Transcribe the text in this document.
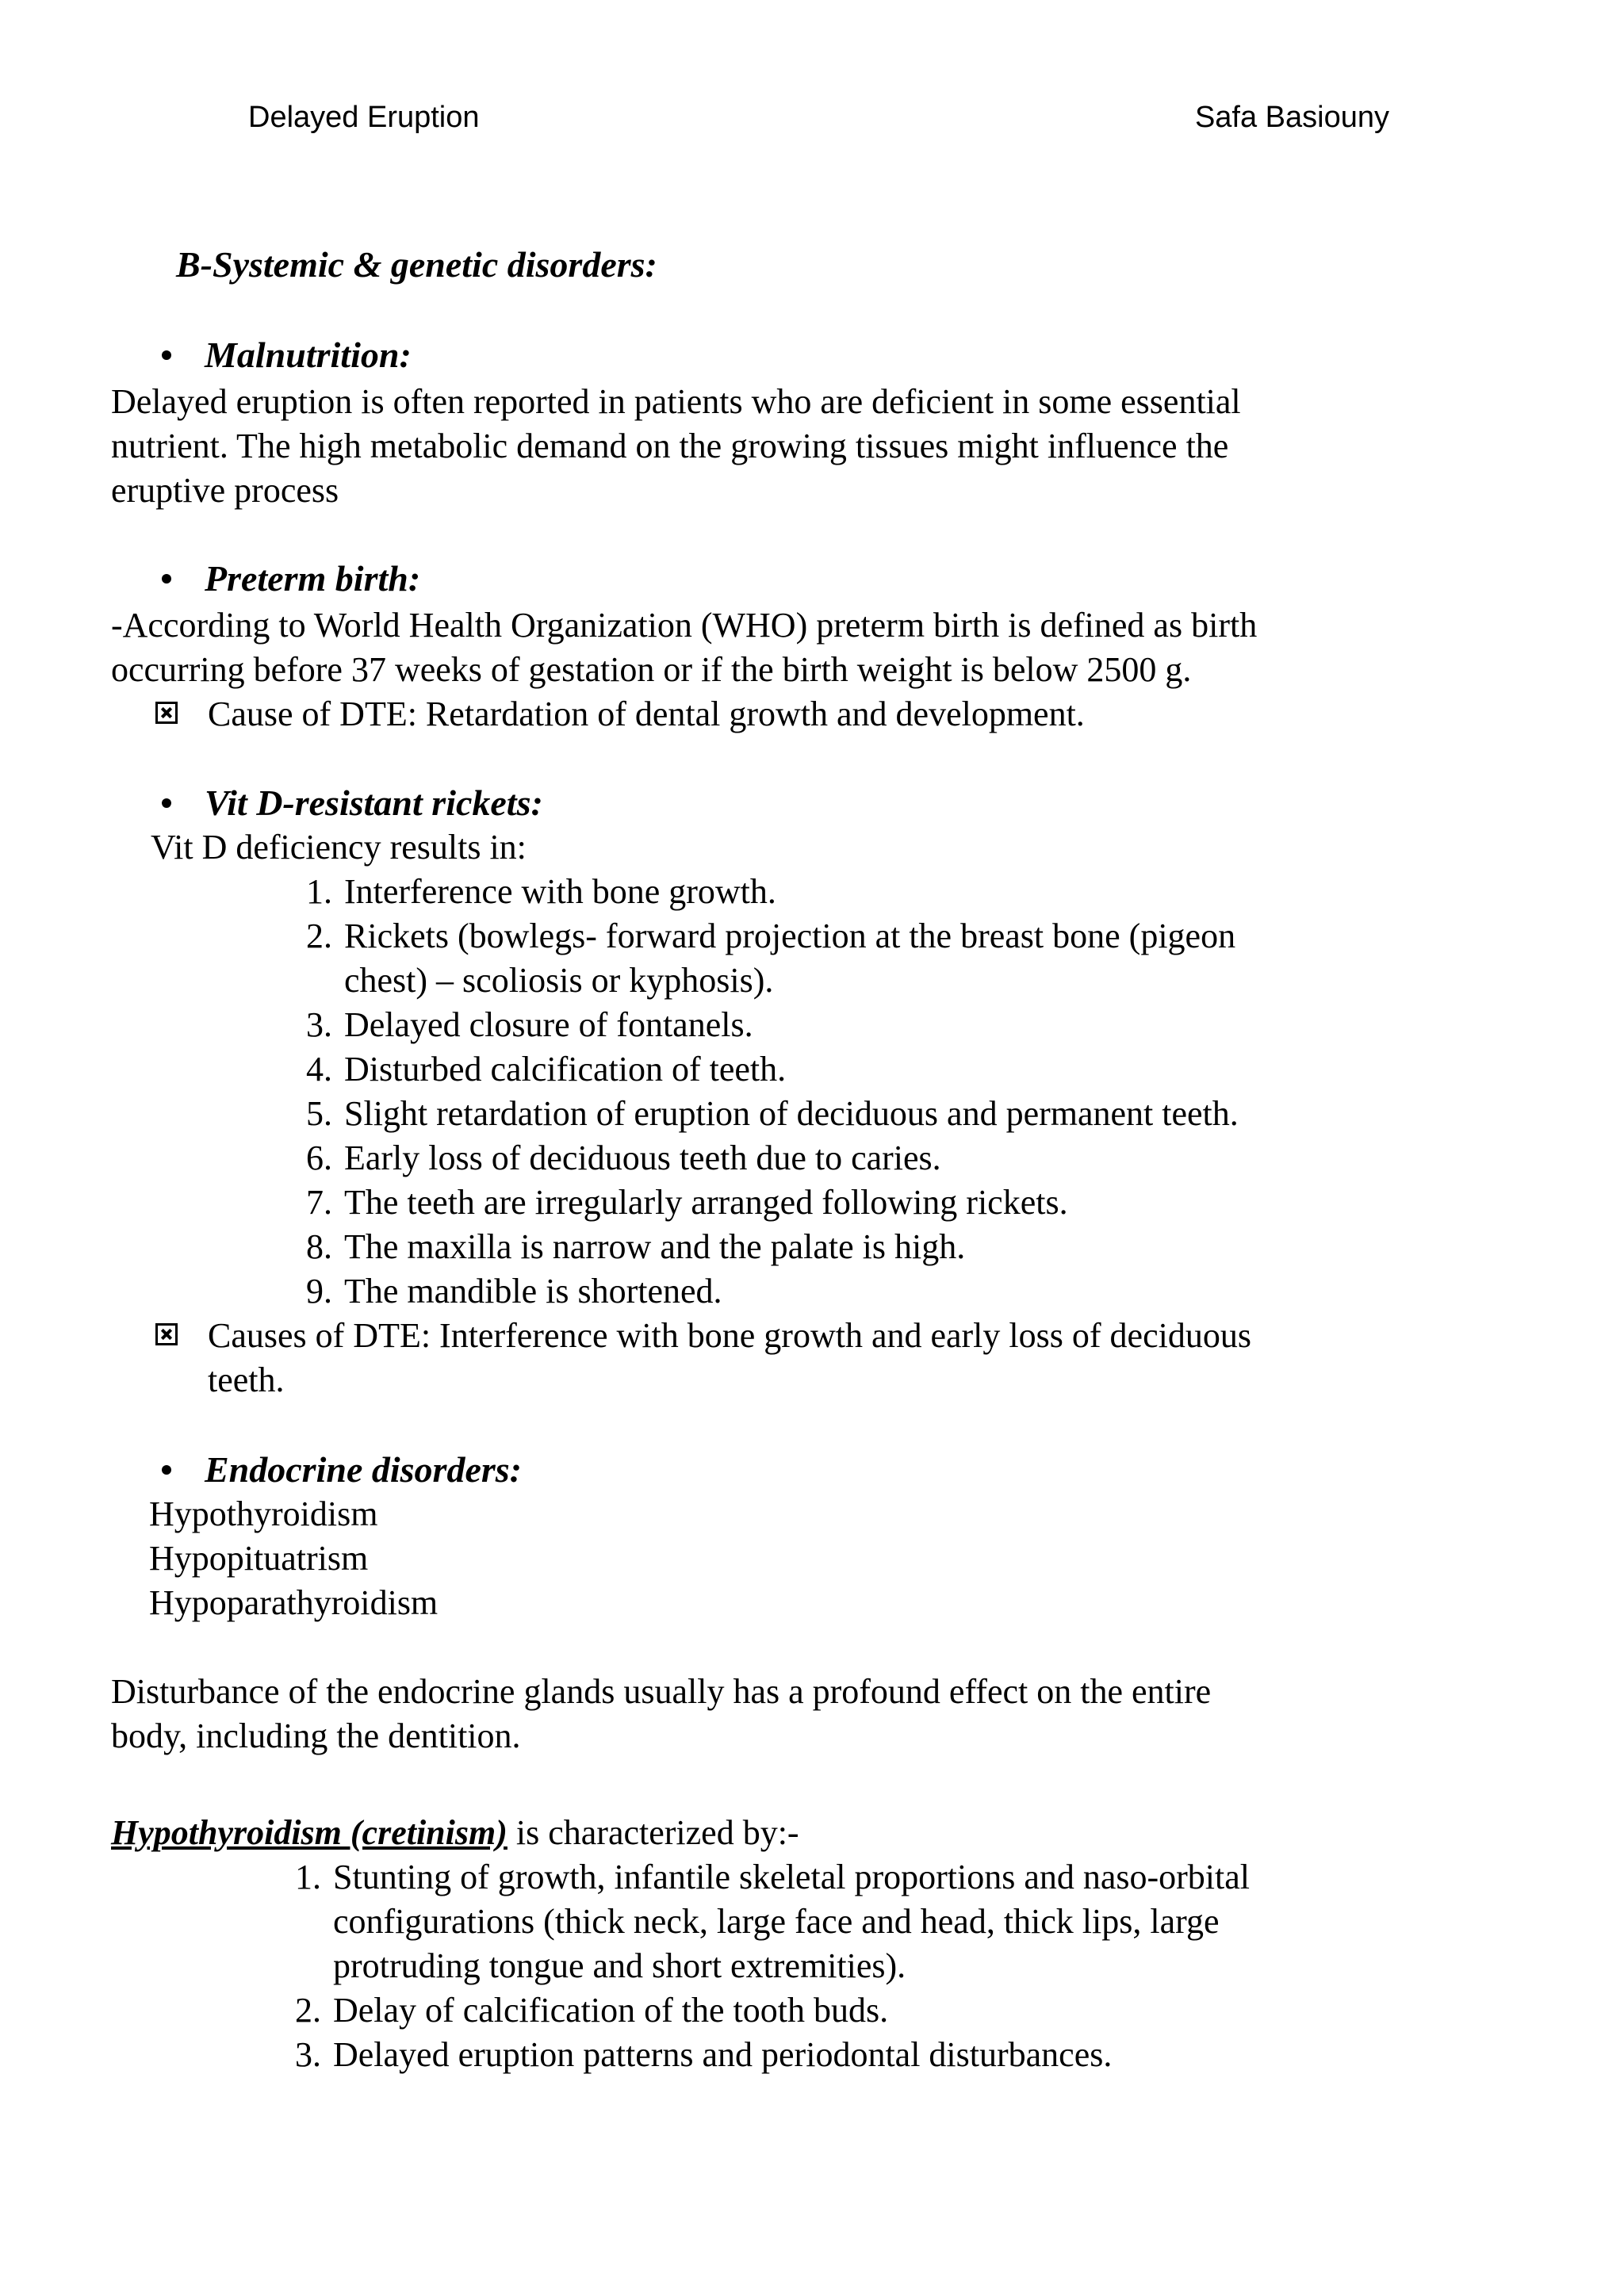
Delayed Eruption	Safa Basiouny
B-Systemic & genetic disorders:
Malnutrition:
Delayed eruption is often reported in patients who are deficient in some essential
nutrient. The high metabolic demand on the growing tissues might influence the
eruptive process
Preterm birth:
-According to World Health Organization (WHO) preterm birth is defined as birth
occurring before 37 weeks of gestation or if the birth weight is below 2500 g.
Cause of DTE: Retardation of dental growth and development.
Vit D-resistant rickets:
Vit D deficiency results in:
1. Interference with bone growth.
2. Rickets (bowlegs- forward projection at the breast bone (pigeon
chest) – scoliosis or kyphosis).
3. Delayed closure of fontanels.
4. Disturbed calcification of teeth.
5. Slight retardation of eruption of deciduous and permanent teeth.
6. Early loss of deciduous teeth due to caries.
7. The teeth are irregularly arranged following rickets.
8. The maxilla is narrow and the palate is high.
9. The mandible is shortened.
Causes of DTE: Interference with bone growth and early loss of deciduous
teeth.
Endocrine disorders:
Hypothyroidism
Hypopituatrism
Hypoparathyroidism
Disturbance of the endocrine glands usually has a profound effect on the entire
body, including the dentition.
Hypothyroidism (cretinism) is characterized by:-
1. Stunting of growth, infantile skeletal proportions and naso-orbital
configurations (thick neck, large face and head, thick lips, large
protruding tongue and short extremities).
2. Delay of calcification of the tooth buds.
3. Delayed eruption patterns and periodontal disturbances.
